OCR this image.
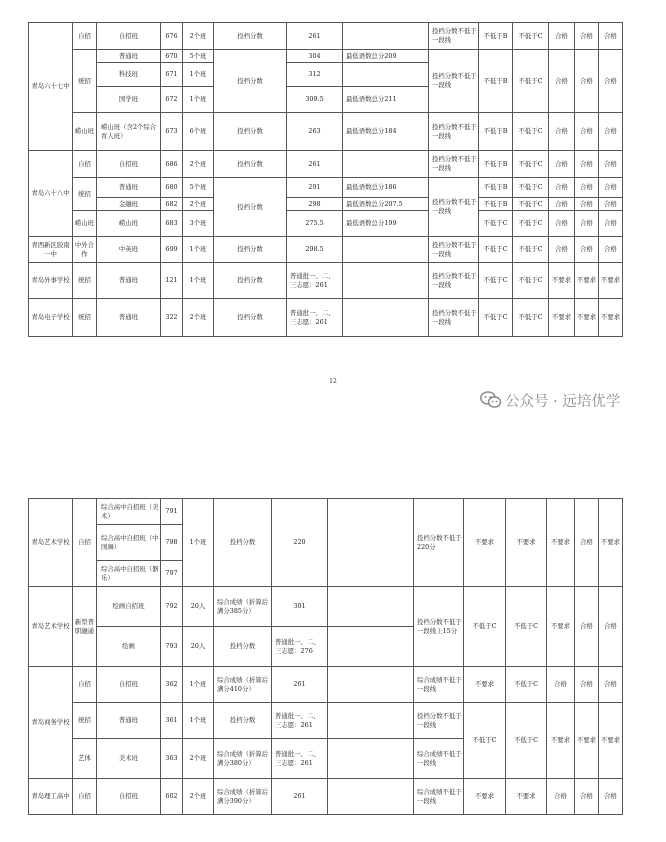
青岛六十七中	自招	自招班	676	2个班	投档分数	261		投档分数不低于一段线	不低于B	不低于C	合格	合格	合格
	统招	普通班	670	5个班	投档分数	304	最低语数总分209	投档分数不低于一段线	不低于B	不低于C	合格	合格	合格
		科技班	671	1个班		312							
		国学班	672	1个班		309.5	最低语数总分211						
	崂山班	崂山班（含2个综合育人班）	673	6个班	投档分数	263	最低语数总分184	投档分数不低于一段线	不低于B	不低于C	合格	合格	合格
青岛六十八中	自招	自招班	686	2个班	投档分数	261		投档分数不低于一段线	不低于B	不低于C	合格	合格	合格
	统招	普通班	680	5个班	投档分数	291	最低语数总分186	投档分数不低于一段线	不低于B	不低于C	合格	合格	合格
		金融班	682	2个班		298	最低语数总分207.5		不低于B	不低于C	合格	合格	合格
	崂山班	崂山班	683	3个班		275.5	最低语数总分199		不低于C	不低于C	合格	合格	合格
青西新区胶南一中	中外合作	中英班	699	1个班	投档分数	298.5		投档分数不低于一段线	不低于C	不低于C	合格	合格	合格
青岛外事学校	统招	普通班	121	1个班	投档分数	普通批一、二、三志愿：261		投档分数不低于一段线	不低于C	不低于C	不要求	不要求	不要求
青岛电子学校	统招	普通班	322	2个班	投档分数	普通批一、二、三志愿：261		投档分数不低于一段线	不低于C	不低于C	不要求	不要求	不要求
12
公众号 · 远培优学
青岛艺术学校	自招	综合高中自招班（美术）	791	1个班	投档分数	220		投档分数不低于220分	不要求	不要求	不要求	合格	不要求
		综合高中自招班（中国舞）	798										
		综合高中自招班（器乐）	797										
青岛艺术学校	新型普职融通	绘画自招班	792	20人	综合成绩（折算后满分385分）	301		投档分数不低于一段线上15分	不低于C	不低于C	不要求	合格	合格
		绘画	793	20人	投档分数	普通批一、二、三志愿：276							
青岛商务学校	自招	自招班	362	1个班	综合成绩（折算后满分410分）	261		综合成绩不低于一段线	不要求	不低于C	合格	合格	合格
	统招	普通班	361	1个班	投档分数	普通批一、二、三志愿：261		投档分数不低于一段线	不低于C	不低于C	不要求	不要求	不要求
	艺体	美术班	363	2个班	综合成绩（折算后满分380分）	普通批一、二、三志愿：261		综合成绩不低于一段线					
青岛理工高中	自招	自招班	602	2个班	综合成绩（折算后满分390分）	261		综合成绩不低于一段线	不要求	不要求	合格	合格	合格
